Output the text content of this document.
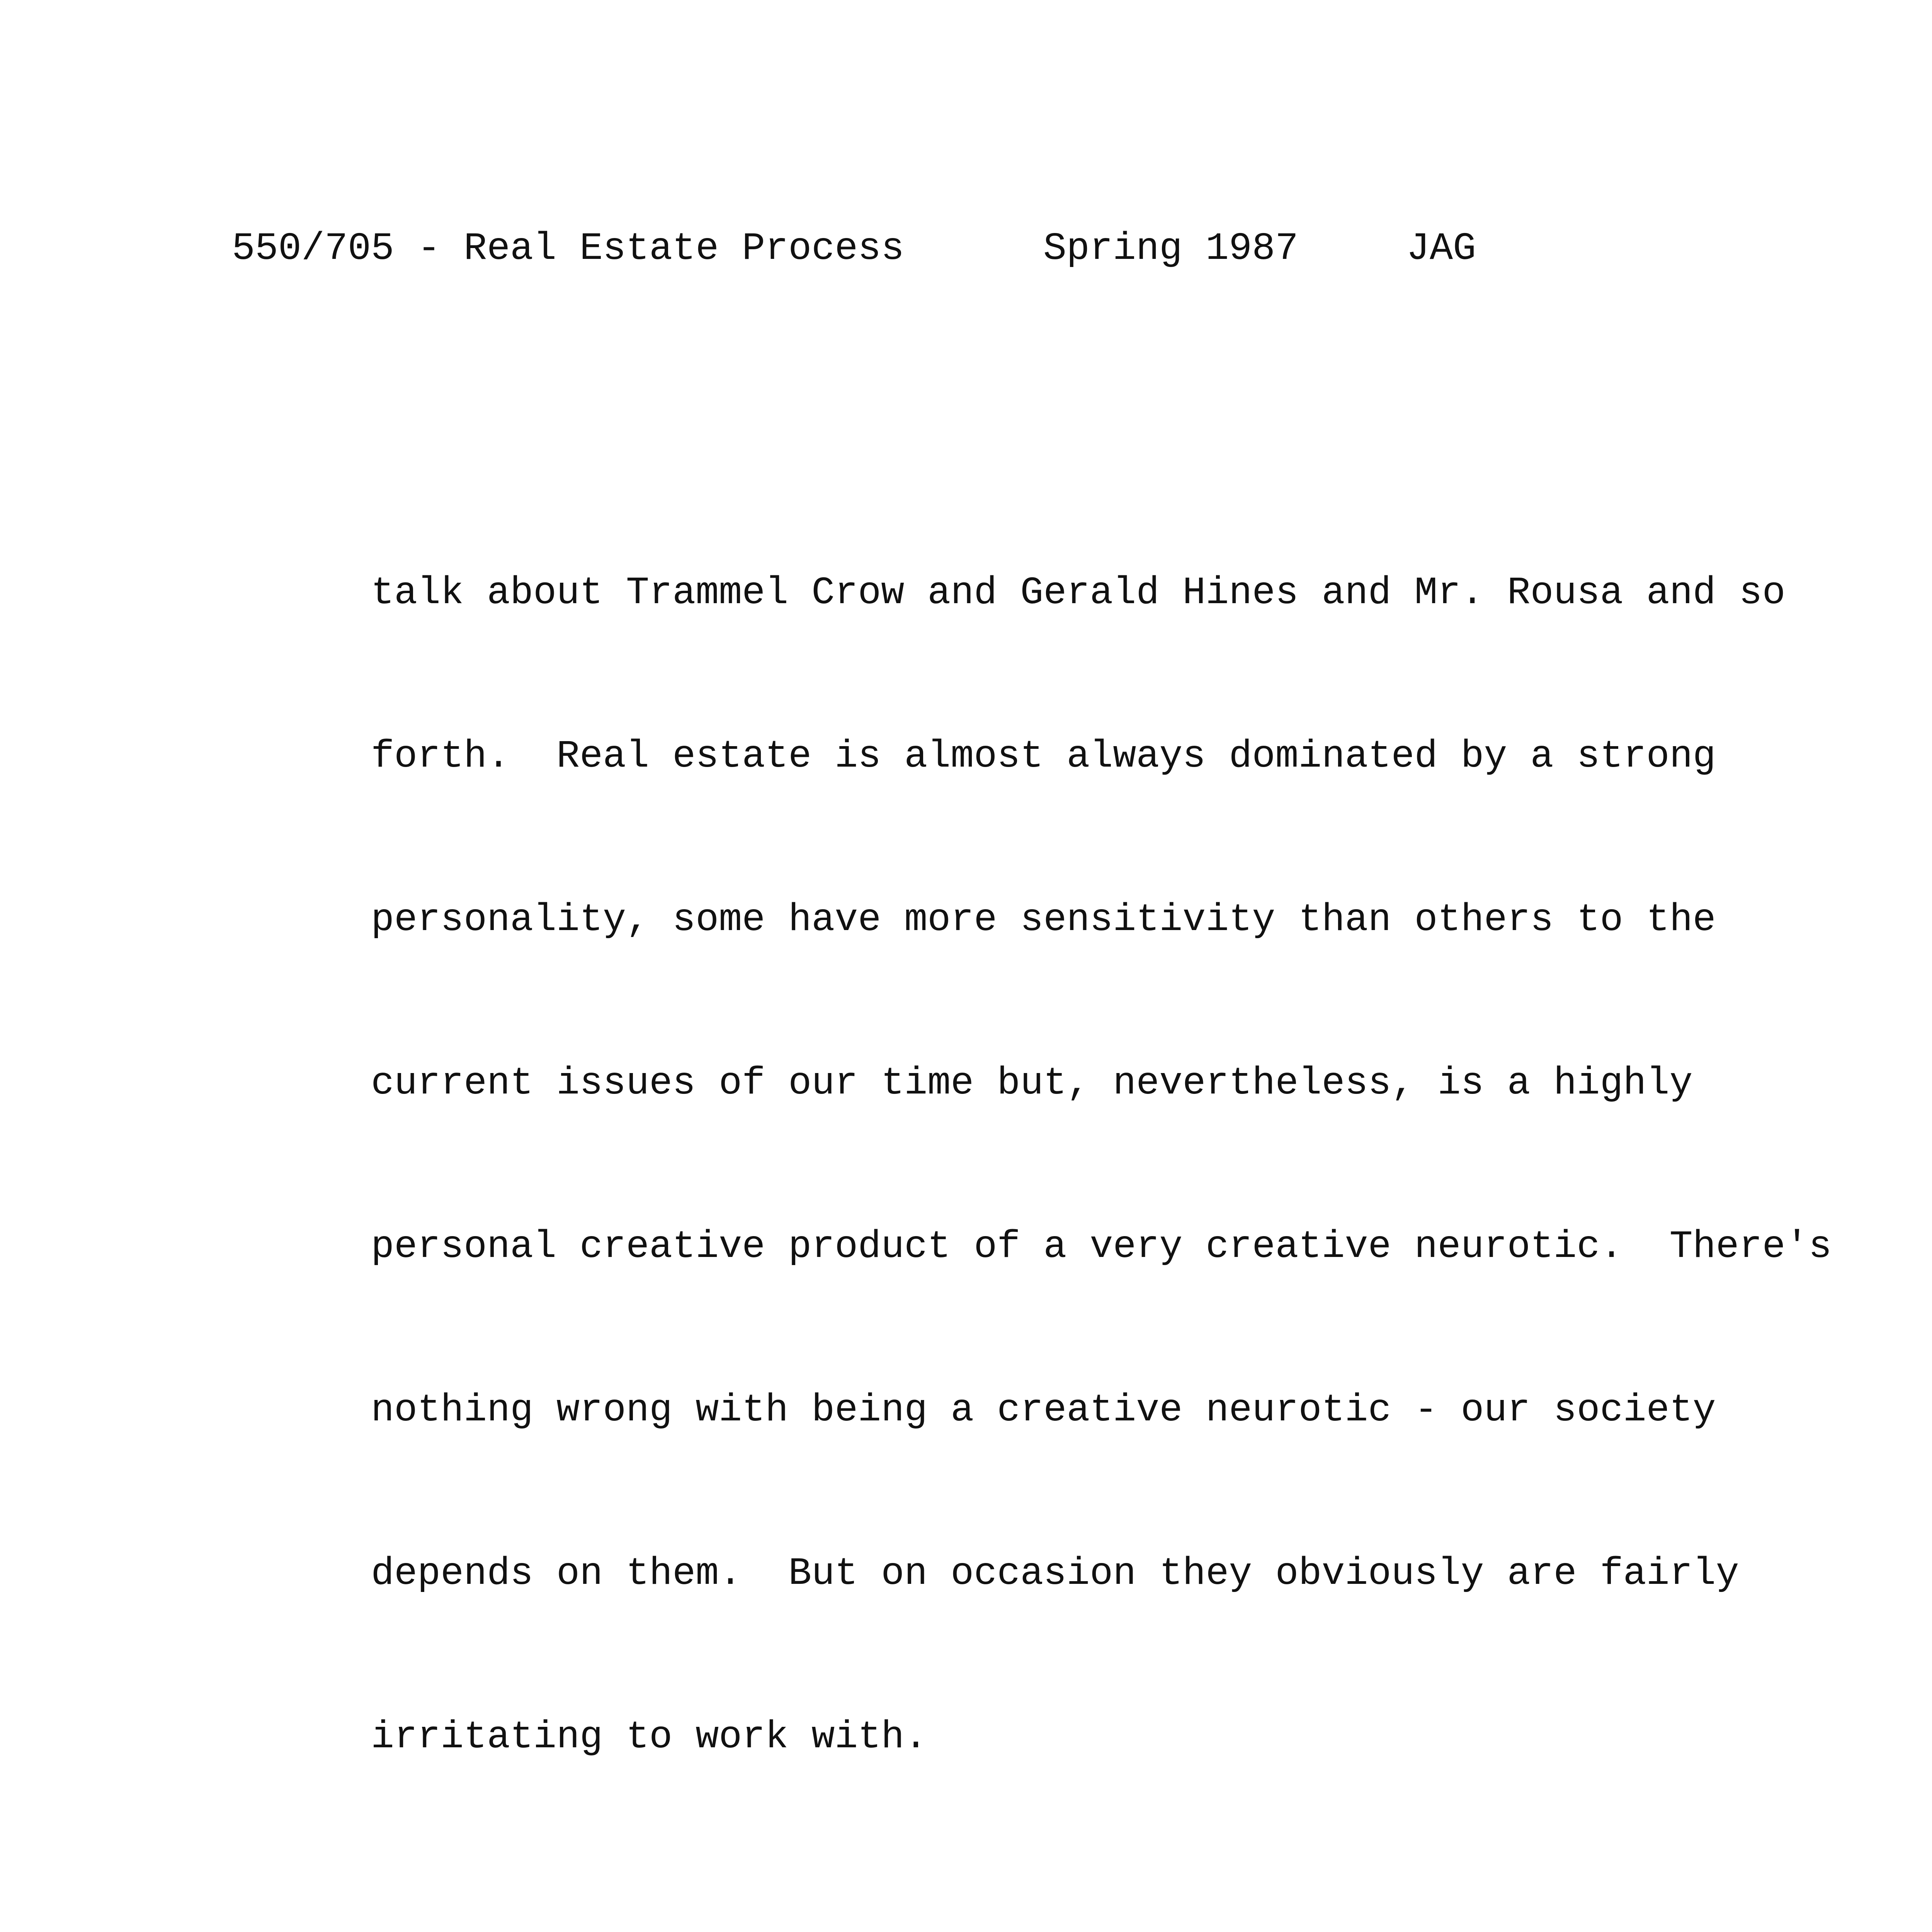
550/705 - Real Estate Process	Spring 1987	JAG

talk about Trammel Crow and Gerald Hines and Mr. Rousa and so

forth.  Real estate is almost always dominated by a strong

personality, some have more sensitivity than others to the

current issues of our time but, nevertheless, is a highly

personal creative product of a very creative neurotic.  There's

nothing wrong with being a creative neurotic - our society

depends on them.  But on occasion they obviously are fairly

irritating to work with.
